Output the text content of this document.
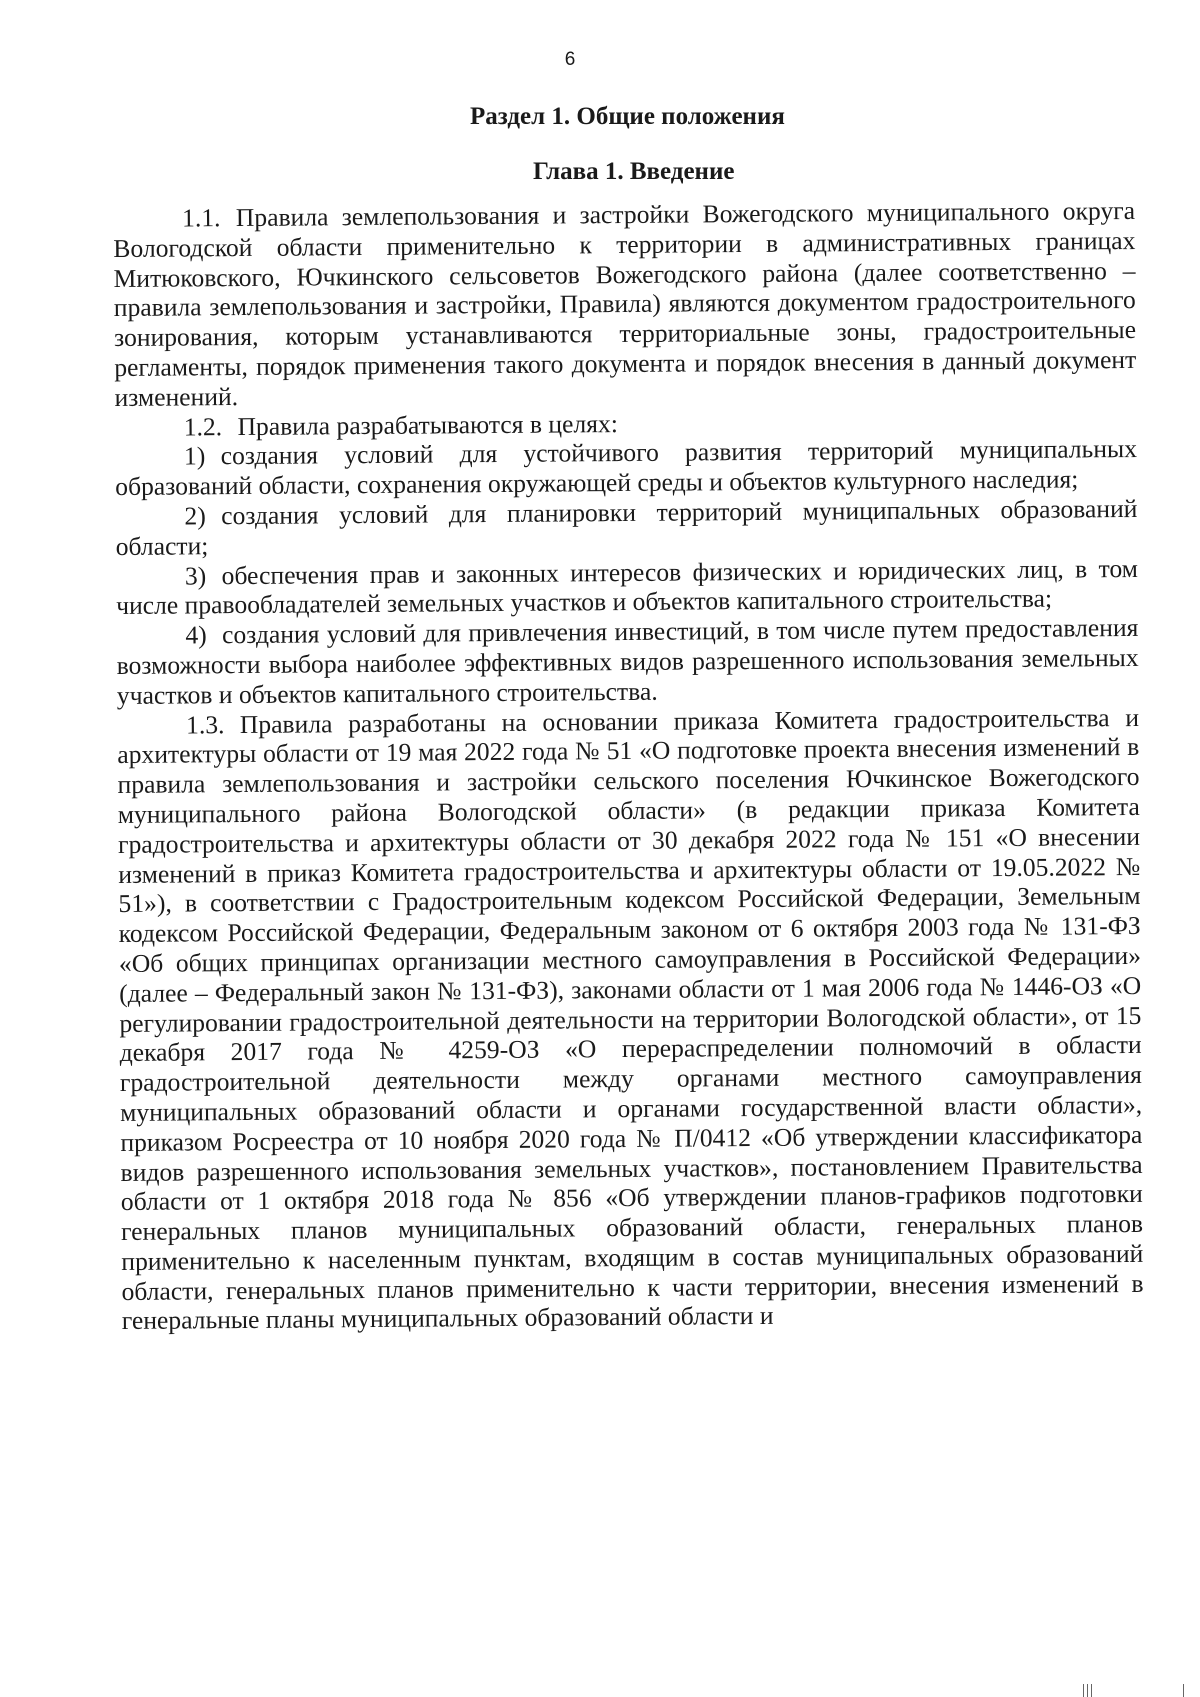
6
Раздел 1. Общие положения
Глава 1. Введение

1.1. Правила землепользования и застройки Вожегодского муниципального округа Вологодской области применительно к территории в административных границах Митюковского, Ючкинского сельсоветов Вожегодского района (далее соответственно – правила землепользования и застройки, Правила) являются документом градостроительного зонирования, которым устанавливаются территориальные зоны, градостроительные регламенты, порядок применения такого документа и порядок внесения в данный документ изменений.

1.2. Правила разрабатываются в целях:

1) создания условий для устойчивого развития территорий муниципальных образований области, сохранения окружающей среды и объектов культурного наследия;

2) создания условий для планировки территорий муниципальных образований области;

3) обеспечения прав и законных интересов физических и юридических лиц, в том числе правообладателей земельных участков и объектов капитального строительства;

4) создания условий для привлечения инвестиций, в том числе путем предоставления возможности выбора наиболее эффективных видов разрешенного использования земельных участков и объектов капитального строительства.

1.3. Правила разработаны на основании приказа Комитета градостроительства и архитектуры области от 19 мая 2022 года № 51 «О подготовке проекта внесения изменений в правила землепользования и застройки сельского поселения Ючкинское Вожегодского муниципального района Вологодской области» (в редакции приказа Комитета градостроительства и архитектуры области от 30 декабря 2022 года № 151 «О внесении изменений в приказ Комитета градостроительства и архитектуры области от 19.05.2022 № 51»), в соответствии с Градостроительным кодексом Российской Федерации, Земельным кодексом Российской Федерации, Федеральным законом от 6 октября 2003 года № 131-ФЗ «Об общих принципах организации местного самоуправления в Российской Федерации» (далее – Федеральный закон № 131-ФЗ), законами области от 1 мая 2006 года № 1446-ОЗ «О регулировании градостроительной деятельности на территории Вологодской области», от 15 декабря 2017 года № 4259-ОЗ «О перераспределении полномочий в области градостроительной деятельности между органами местного самоуправления муниципальных образований области и органами государственной власти области», приказом Росреестра от 10 ноября 2020 года № П/0412 «Об утверждении классификатора видов разрешенного использования земельных участков», постановлением Правительства области от 1 октября 2018 года № 856 «Об утверждении планов-графиков подготовки генеральных планов муниципальных образований области, генеральных планов применительно к населенным пунктам, входящим в состав муниципальных образований области, генеральных планов применительно к части территории, внесения изменений в генеральные планы муниципальных образований области и
